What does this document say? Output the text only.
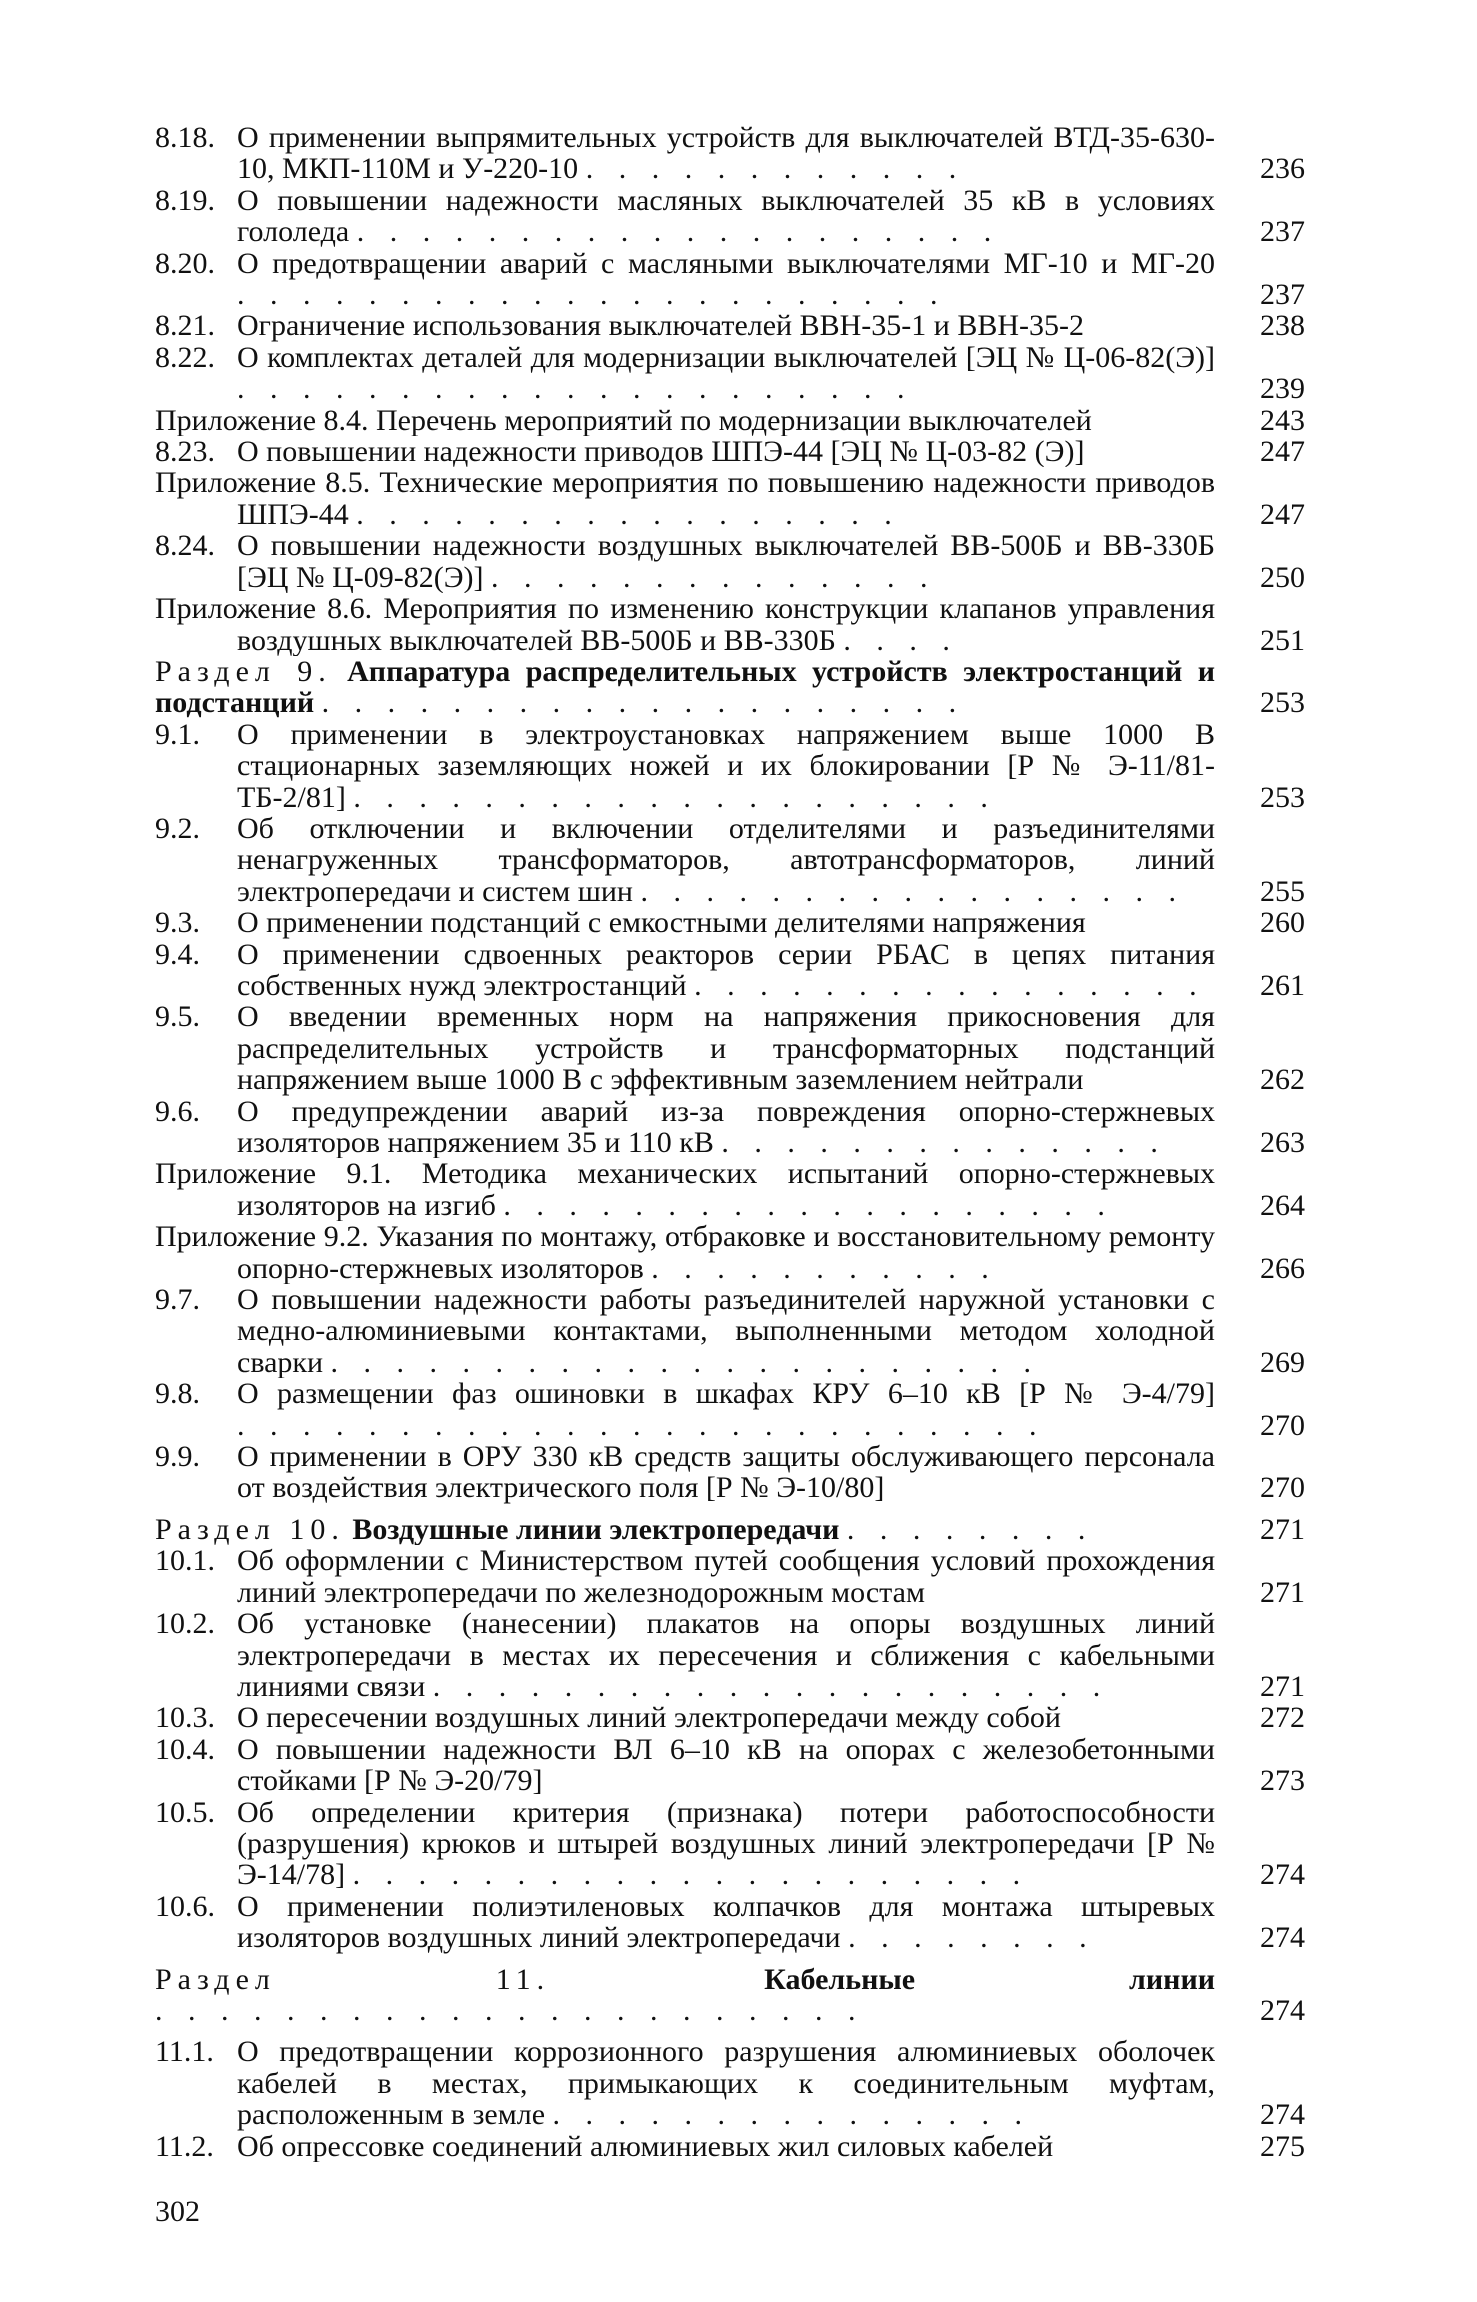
8.18. О применении выпрямительных устройств для выключателей ВТД-35-630-10, МКП-110М и У-220-10 . . . . . . . . . . . .	236
8.19. О повышении надежности масляных выключателей 35 кВ в условиях гололеда . . . . . . . . . . . . . . . . . . . .	237
8.20. О предотвращении аварий с масляными выключателями МГ-10 и МГ-20 . . . . . . . . . . . . . . . . . . . . . .	237
8.21. Ограничение использования выключателей ВВН-35-1 и ВВН-35-2	238
8.22. О комплектах деталей для модернизации выключателей [ЭЦ № Ц-06-82(Э)] . . . . . . . . . . . . . . . . . . . . .	239
Приложение 8.4. Перечень мероприятий по модернизации выключателей	243
8.23. О повышении надежности приводов ШПЭ-44 [ЭЦ № Ц-03-82 (Э)]	247
Приложение 8.5. Технические мероприятия по повышению надежности приводов ШПЭ-44 . . . . . . . . . . . . . . . . .	247
8.24. О повышении надежности воздушных выключателей ВВ-500Б и ВВ-330Б [ЭЦ № Ц-09-82(Э)] . . . . . . . . . . . . . .	250
Приложение 8.6. Мероприятия по изменению конструкции клапанов управления воздушных выключателей ВВ-500Б и ВВ-330Б . . . .	251
Раздел 9. Аппаратура распределительных устройств электростанций и подстанций . . . . . . . . . . . . . . . . . . . .	253
9.1.	О применении в электроустановках напряжением выше 1000 В стационарных заземляющих ножей и их блокировании [Р № Э-11/81-ТБ-2/81] . . . . . . . . . . . . . . . . . . . .	253
9.2.	Об отключении и включении отделителями и разъединителями ненагруженных трансформаторов, автотрансформаторов, линий электропередачи и систем шин . . . . . . . . . . . . . . . . .	255
9.3.	О применении подстанций с емкостными делителями напряжения	260
9.4.	О применении сдвоенных реакторов серии РБАС в цепях питания собственных нужд электростанций . . . . . . . . . . . . . . . .	261
9.5.	О введении временных норм на напряжения прикосновения для распределительных устройств и трансформаторных подстанций напряжением выше 1000 В с эффективным заземлением нейтрали	262
9.6.	О предупреждении аварий из-за повреждения опорно-стержневых изоляторов напряжением 35 и 110 кВ . . . . . . . . . . . . . .	263
Приложение 9.1. Методика механических испытаний опорно-стержневых изоляторов на изгиб . . . . . . . . . . . . . . . . . . .	264
Приложение 9.2. Указания по монтажу, отбраковке и восстановительному ремонту опорно-стержневых изоляторов . . . . . . . . . . .	266
9.7.	О повышении надежности работы разъединителей наружной установки с медно-алюминиевыми контактами, выполненными методом холодной сварки . . . . . . . . . . . . . . . . . . . . . .	269
9.8.	О размещении фаз ошиновки в шкафах КРУ 6–10 кВ [Р № Э-4/79] . . . . . . . . . . . . . . . . . . . . . . . . .	270
9.9.	О применении в ОРУ 330 кВ средств защиты обслуживающего персонала от воздействия электрического поля [Р № Э-10/80]	270
Раздел 10. Воздушные линии электропередачи . . . . . . . .	271
10.1. Об оформлении с Министерством путей сообщения условий прохождения линий электропередачи по железнодорожным мостам	271
10.2. Об установке (нанесении) плакатов на опоры воздушных линий электропередачи в местах их пересечения и сближения с кабельными линиями связи . . . . . . . . . . . . . . . . . . . . .	271
10.3. О пересечении воздушных линий электропередачи между собой	272
10.4. О повышении надежности ВЛ 6–10 кВ на опорах с железобетонными стойками [Р № Э-20/79]	273
10.5. Об определении критерия (признака) потери работоспособности (разрушения) крюков и штырей воздушных линий электропередачи [Р № Э-14/78] . . . . . . . . . . . . . . . . . . . . .	274
10.6. О применении полиэтиленовых колпачков для монтажа штыревых изоляторов воздушных линий электропередачи . . . . . . . .	274
Раздел 11.	Кабельные линии . . . . . . . . . . . . . . . . . . . . . .	274
11.1. О предотвращении коррозионного разрушения алюминиевых оболочек кабелей в местах, примыкающих к соединительным муфтам, расположенным в земле . . . . . . . . . . . . . . .	274
11.2. Об опрессовке соединений алюминиевых жил силовых кабелей	275
302
